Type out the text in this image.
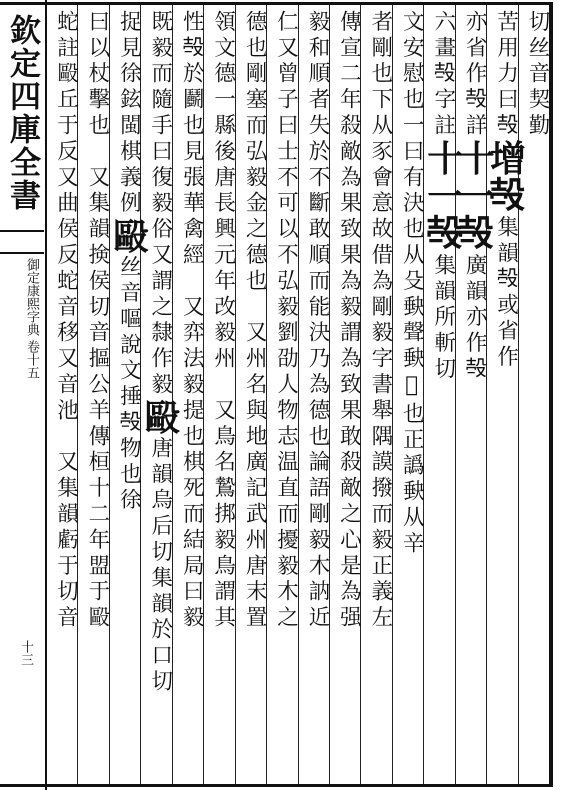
欽定四庫全書
御定康熙字典 卷十五
十三
切丝音契勤
苦用力曰𣪊增𣪊集韻𣪊或省作
亦省作𣪊詳十一𣪊廣韻亦作𣪊
六畫𣪊字註十一𣪊集韻所斬切
文安慰也一曰有決也从殳𡙇聲𡙇𧴩也正譌𡙇从辛
者剛也下从豕會意故借為剛毅字書舉隅謨撥而毅正義左
傳宣二年殺敵為果致果為毅謂為致果敢殺敵之心是為强
毅和順者失於不斷敢順而能決乃為德也論語剛毅木訥近
仁又曾子曰士不可以不弘毅劉劭人物志温直而擾毅木之
德也剛塞而弘毅金之德也　又州名與地廣記武州唐末置
領文德一縣後唐長興元年改毅州　又鳥名鷙挷毅鳥謂其
性𣪊於鬬也見張華禽經　又弈法毅提也棋死而結局曰毅
既毅而隨手曰復毅俗又謂之隸作毅毆唐韻烏后切集韻於口切
捉見徐鉉閩棋義例毆丝音嘔說文捶𣪊物也徐
曰以杖擊也　又集韻𢮦侯切音摳公羊傳桓十二年盟于毆
蛇註毆丘于反又曲侯反蛇音移又音池　又集韻虧于切音
